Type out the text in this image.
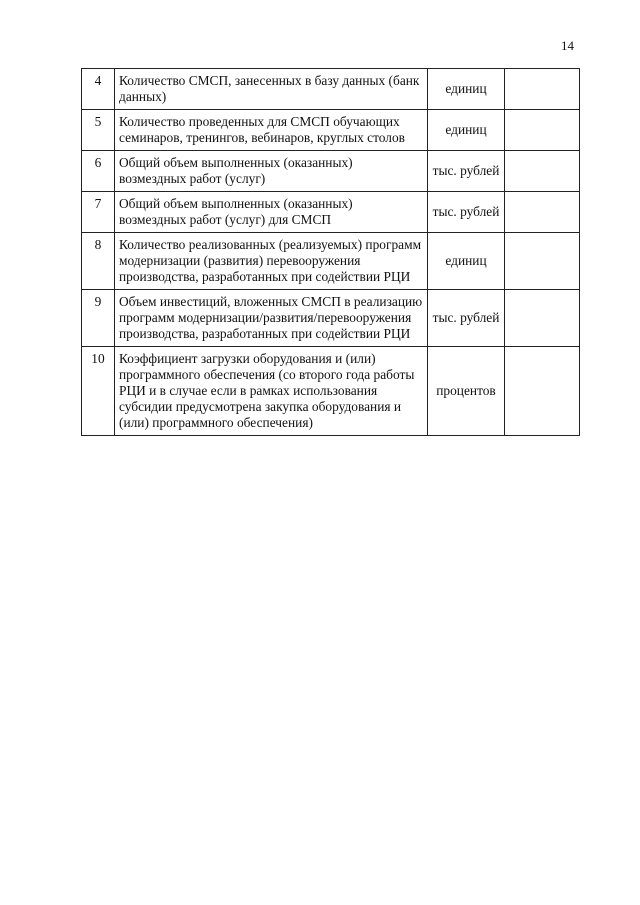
14
4	Количество СМСП, занесенных в базу данных (банк данных)	единиц	
5	Количество проведенных для СМСП обучающих семинаров, тренингов, вебинаров, круглых столов	единиц	
6	Общий объем выполненных (оказанных) возмездных работ (услуг)	тыс. рублей	
7	Общий объем выполненных (оказанных) возмездных работ (услуг) для СМСП	тыс. рублей	
8	Количество реализованных (реализуемых) программ модернизации (развития) перевооружения производства, разработанных при содействии РЦИ	единиц	
9	Объем инвестиций, вложенных СМСП в реализацию программ модернизации/развития/перевооружения производства, разработанных при содействии РЦИ	тыс. рублей	
10	Коэффициент загрузки оборудования и (или) программного обеспечения (со второго года работы РЦИ и в случае если в рамках использования субсидии предусмотрена закупка оборудования и (или) программного обеспечения)	процентов	
